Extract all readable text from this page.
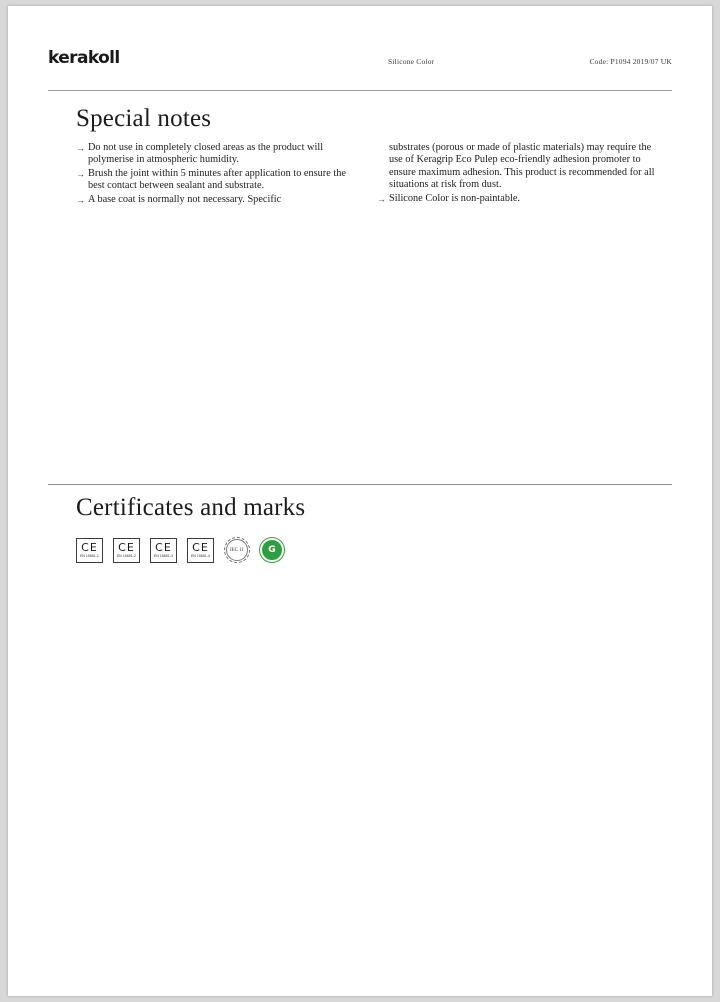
kerakoll	Silicone Color	Code: P1094 2019/07 UK
Special notes
→ Do not use in completely closed areas as the product will polymerise in atmospheric humidity.
→ Brush the joint within 5 minutes after application to ensure the best contact between sealant and substrate.
→ A base coat is normally not necessary. Specific
substrates (porous or made of plastic materials) may require the use of Keragrip Eco Pulep eco-friendly adhesion promoter to ensure maximum adhesion. This product is recommended for all situations at risk from dust.
→ Silicone Color is non-paintable.
Certificates and marks
CE
EN 15651-1
CE
EN 15651-2
CE
EN 15651-3
CE
EN 15651-4
IEC 11	G
